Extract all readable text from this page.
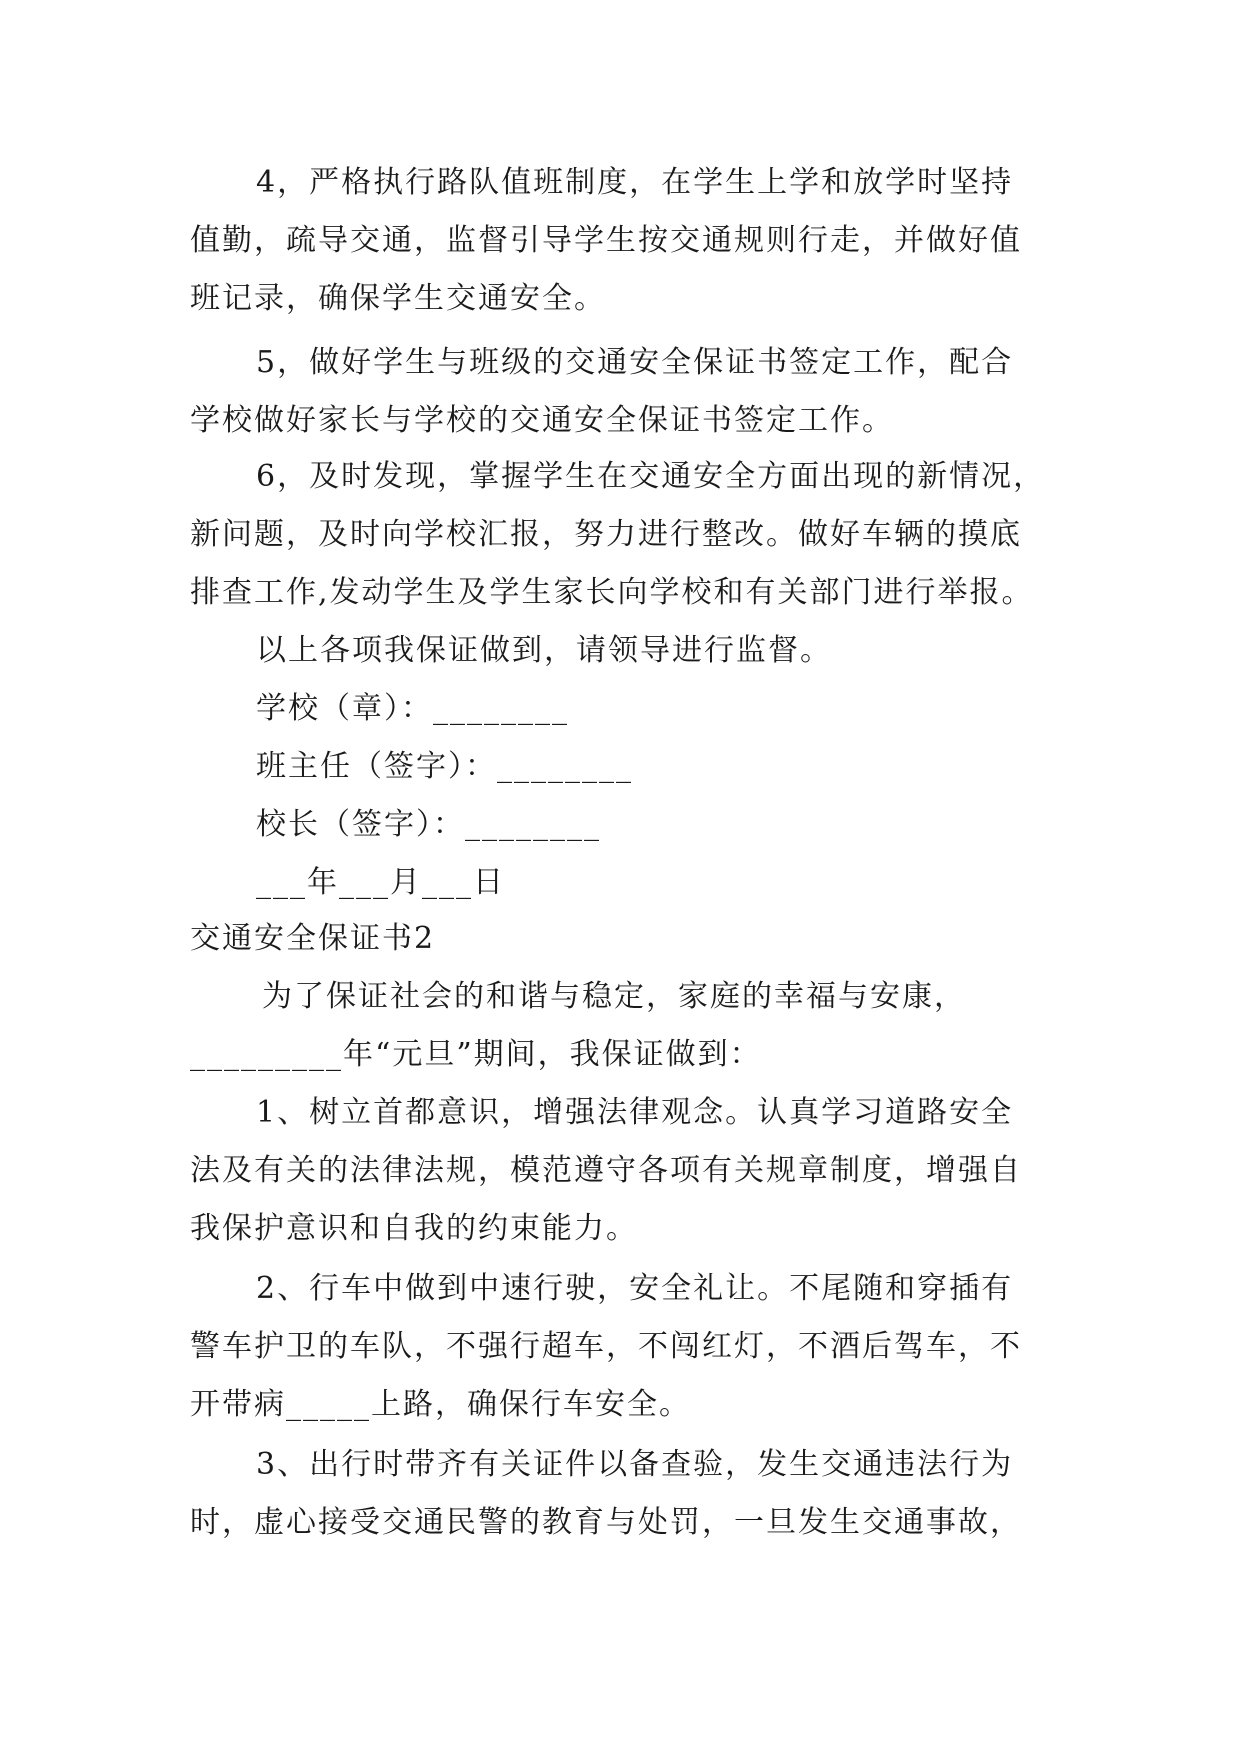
4，严格执行路队值班制度，在学生上学和放学时坚持
值勤，疏导交通，监督引导学生按交通规则行走，并做好值
班记录，确保学生交通安全。
5，做好学生与班级的交通安全保证书签定工作，配合
学校做好家长与学校的交通安全保证书签定工作。
6，及时发现，掌握学生在交通安全方面出现的新情况，
新问题，及时向学校汇报，努力进行整改。做好车辆的摸底
排查工作,发动学生及学生家长向学校和有关部门进行举报。

以上各项我保证做到，请领导进行监督。

学校（章）：________

班主任（签字）：________

校长（签字）：________

___年___月___日

交通安全保证书2

为了保证社会的和谐与稳定，家庭的幸福与安康，
_________年“元旦”期间，我保证做到：
1、树立首都意识，增强法律观念。认真学习道路安全
法及有关的法律法规，模范遵守各项有关规章制度，增强自
我保护意识和自我的约束能力。
2、行车中做到中速行驶，安全礼让。不尾随和穿插有
警车护卫的车队，不强行超车，不闯红灯，不酒后驾车，不
开带病_____上路，确保行车安全。
3、出行时带齐有关证件以备查验，发生交通违法行为
时，虚心接受交通民警的教育与处罚，一旦发生交通事故，
